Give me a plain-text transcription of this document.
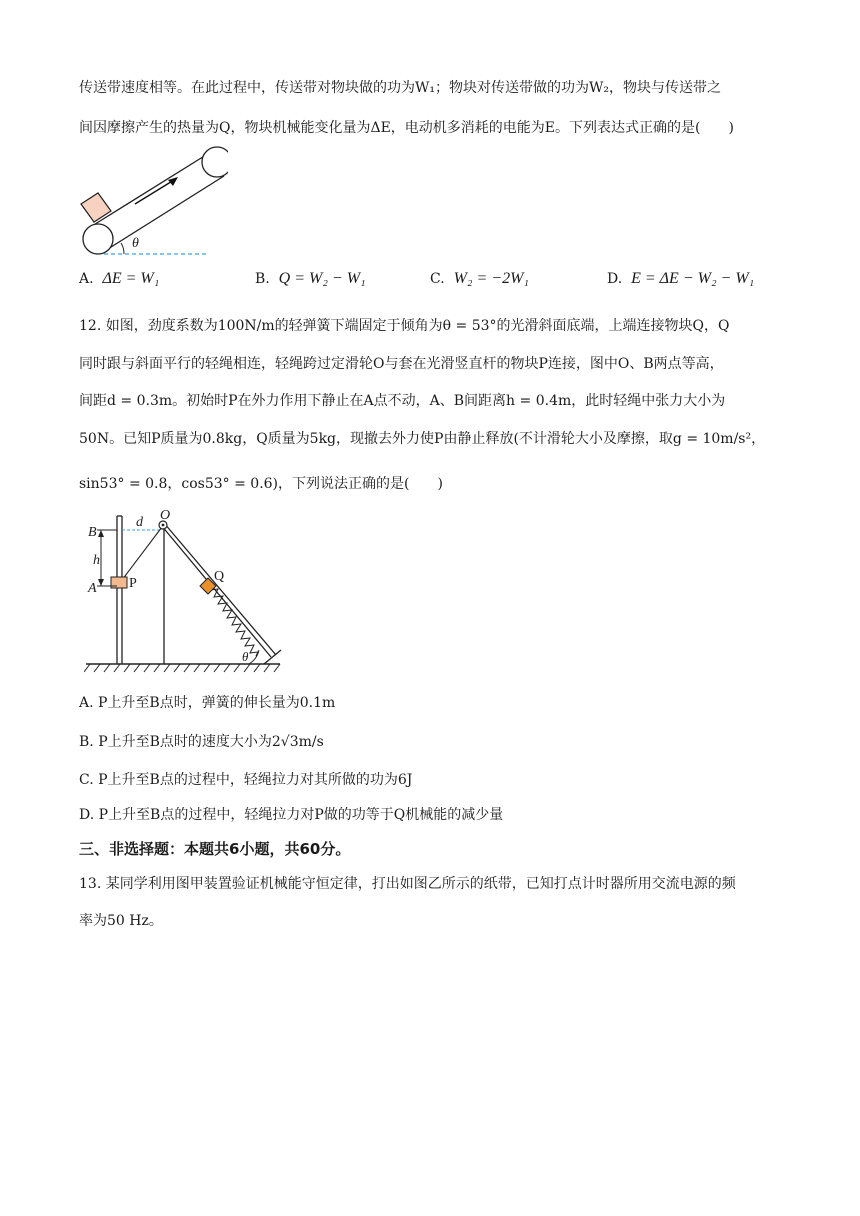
传送带速度相等。在此过程中，传送带对物块做的功为W₁；物块对传送带做的功为W₂，物块与传送带之
间因摩擦产生的热量为Q，物块机械能变化量为ΔE，电动机多消耗的电能为E。下列表达式正确的是(　　)
θ
A. ΔE = W₁	B. Q = W₂ − W₁	C. W₂ = −2W₁	D. E = ΔE − W₂ − W₁
12. 如图，劲度系数为100N/m的轻弹簧下端固定于倾角为θ = 53°的光滑斜面底端，上端连接物块Q，Q
同时跟与斜面平行的轻绳相连，轻绳跨过定滑轮O与套在光滑竖直杆的物块P连接，图中O、B两点等高，
间距d = 0.3m。初始时P在外力作用下静止在A点不动，A、B间距离h = 0.4m，此时轻绳中张力大小为
50N。已知P质量为0.8kg，Q质量为5kg，现撤去外力使P由静止释放(不计滑轮大小及摩擦，取g = 10m/s²，
sin53° = 0.8，cos53° = 0.6)，下列说法正确的是(　　)
B
d O
h
A P	Q
θ
A. P上升至B点时，弹簧的伸长量为0.1m
B. P上升至B点时的速度大小为2√3m/s
C. P上升至B点的过程中，轻绳拉力对其所做的功为6J
D. P上升至B点的过程中，轻绳拉力对P做的功等于Q机械能的减少量
三、非选择题：本题共6小题，共60分。
13. 某同学利用图甲装置验证机械能守恒定律，打出如图乙所示的纸带，已知打点计时器所用交流电源的频
率为50 Hz。
